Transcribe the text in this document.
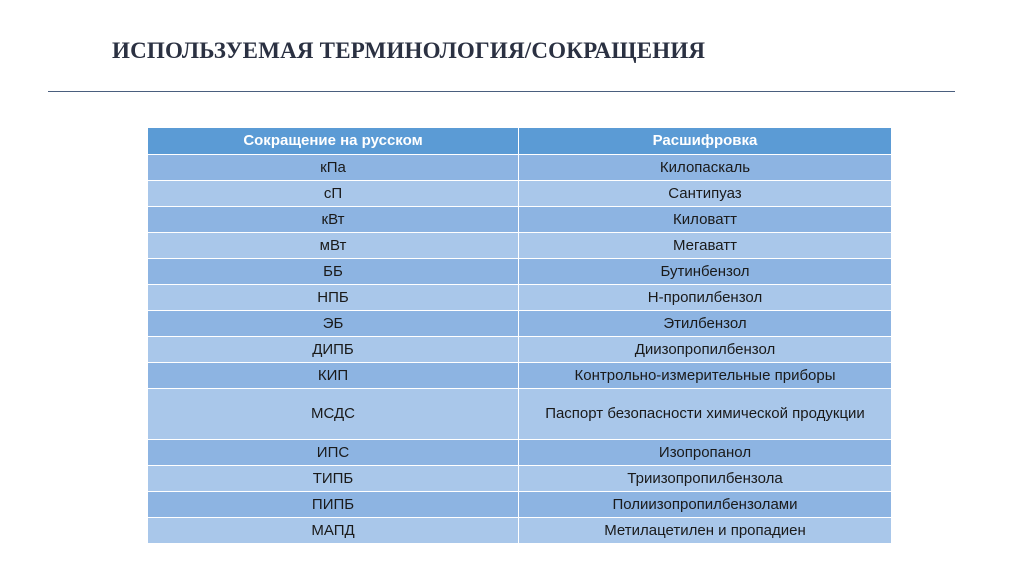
ИСПОЛЬЗУЕМАЯ ТЕРМИНОЛОГИЯ/СОКРАЩЕНИЯ
Сокращение на русском	Расшифровка
кПа	Килопаскаль
сП	Сантипуаз
кВт	Киловатт
мВт	Мегаватт
ББ	Бутинбензол
НПБ	Н-пропилбензол
ЭБ	Этилбензол
ДИПБ	Диизопропилбензол
КИП	Контрольно-измерительные приборы
МСДС	Паспорт безопасности химической продукции
ИПС	Изопропанол
ТИПБ	Триизопропилбензола
ПИПБ	Полиизопропилбензолами
МАПД	Метилацетилен и пропадиен
